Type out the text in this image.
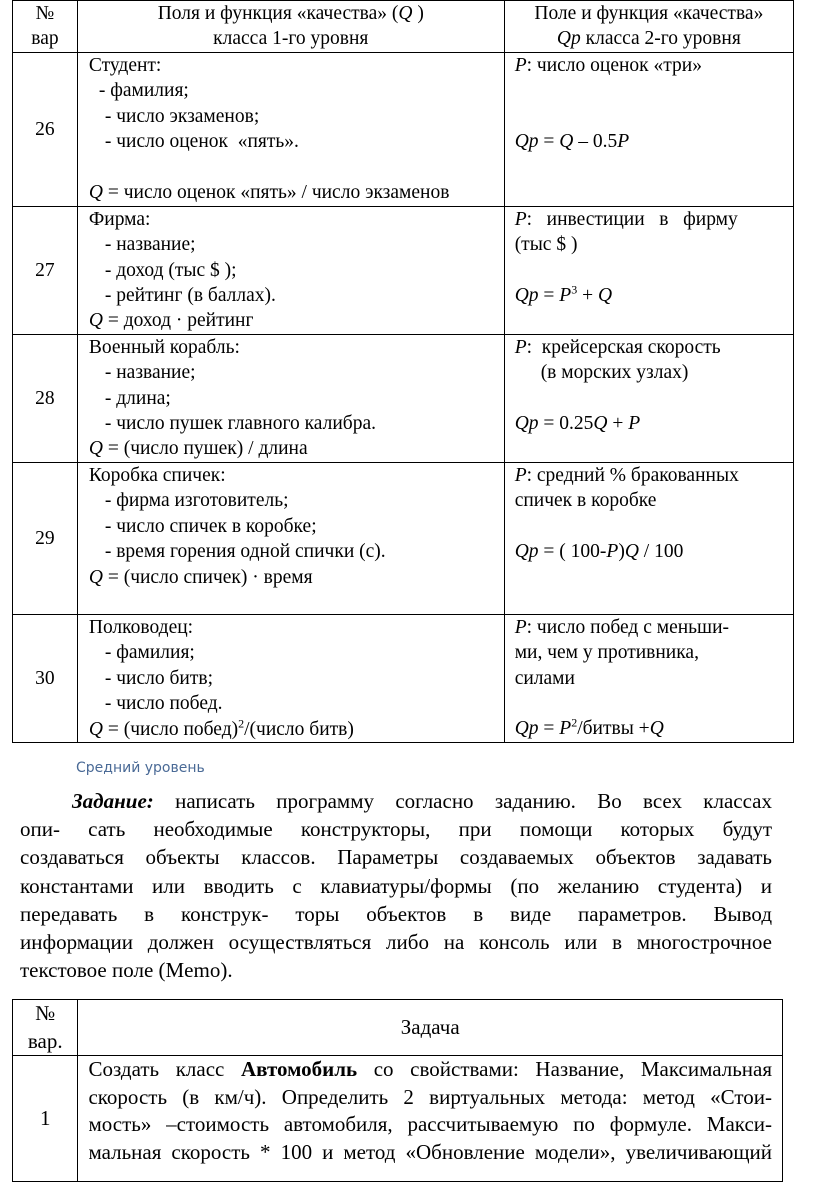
№
вар	Поля и функция «качества» (Q )
класса 1-го уровня	Поле и функция «качества»
Qp класса 2-го уровня

26	Студент:
- фамилия;
- число экзаменов;
- число оценок  «пять».
Q = число оценок «пять» / число экзаменов	P: число оценок «три»
Qp = Q – 0.5P

27	Фирма:
- название;
- доход (тыс $ );
- рейтинг (в баллах).
Q = доход · рейтинг	P:   инвестиции   в   фирму
(тыс $ )
$Qp = P^3 + Q$

28	Военный корабль:
- название;
- длина;
- число пушек главного калибра.
Q = (число пушек) / длина	P:  крейсерская скорость
(в морских узлах)
Qp = 0.25Q + P

29	Коробка спичек:
- фирма изготовитель;
- число спичек в коробке;
- время горения одной спички (с).
Q = (число спичек) · время	P: средний % бракованных
спичек в коробке
Qp = ( 100-P)Q / 100

30	Полководец:
- фамилия;
- число битв;
- число побед.
Q = (число побед)$^2$/(число битв)	P: число побед с меньши-
ми, чем у противника,
силами
$Qp = P^2$/битвы +Q
Средний уровень
Задание: написать программу согласно заданию. Во всех классах
опи- сать необходимые конструкторы, при помощи которых будут
создаваться объекты классов. Параметры создаваемых объектов задавать
константами или вводить с клавиатуры/формы (по желанию студента) и
передавать в конструк- торы объектов в виде параметров. Вывод
информации должен осуществляться либо на консоль или в многострочное
текстовое поле (Memo).
№
вар.	Задача
1	Создать класс Автомобиль со свойствами: Название, Максимальная
скорость (в км/ч). Определить 2 виртуальных метода: метод «Стои-
мость» –стоимость автомобиля, рассчитываемую по формуле. Макси-
мальная скорость * 100 и метод «Обновление модели», увеличивающий
